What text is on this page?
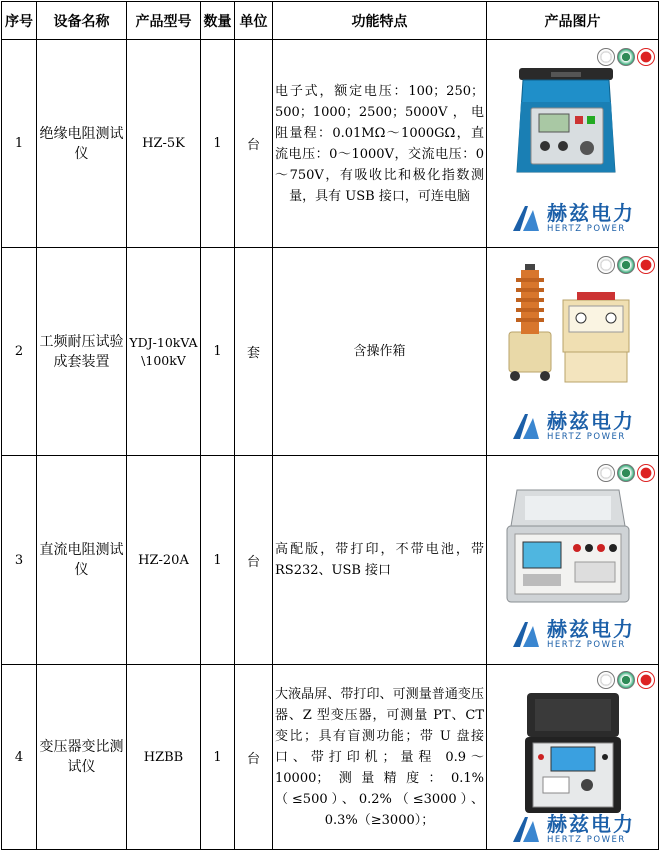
序号	设备名称	产品型号	数量	单位	功能特点	产品图片
1	绝缘电阻测试仪	HZ-5K	1	台	电子式，额定电压：100；250；500；1000；2500；5000V，电阻量程：0.01MΩ～1000GΩ，直流电压：0～1000V，交流电压：0～750V，有吸收比和极化指数测量，具有 USB 接口，可连电脑	赫兹电力
HERTZ POWER

2	工频耐压试验成套装置	YDJ-10kVA\100kV	1	套	含操作箱	赫兹电力
HERTZ POWER

3	直流电阻测试仪	HZ-20A	1	台	高配版，带打印，不带电池，带 RS232、USB 接口	赫兹电力
HERTZ POWER

4	变压器变比测试仪	HZBB	1	台	大液晶屏、带打印、可测量普通变压器、Z 型变压器，可测量 PT、CT 变比；具有盲测功能；带 U 盘接口、带打印机；量程 0.9～10000；测量精度：0.1%（≤500）、0.2%（≤3000）、0.3%（≥3000）；	赫兹电力
HERTZ POWER
